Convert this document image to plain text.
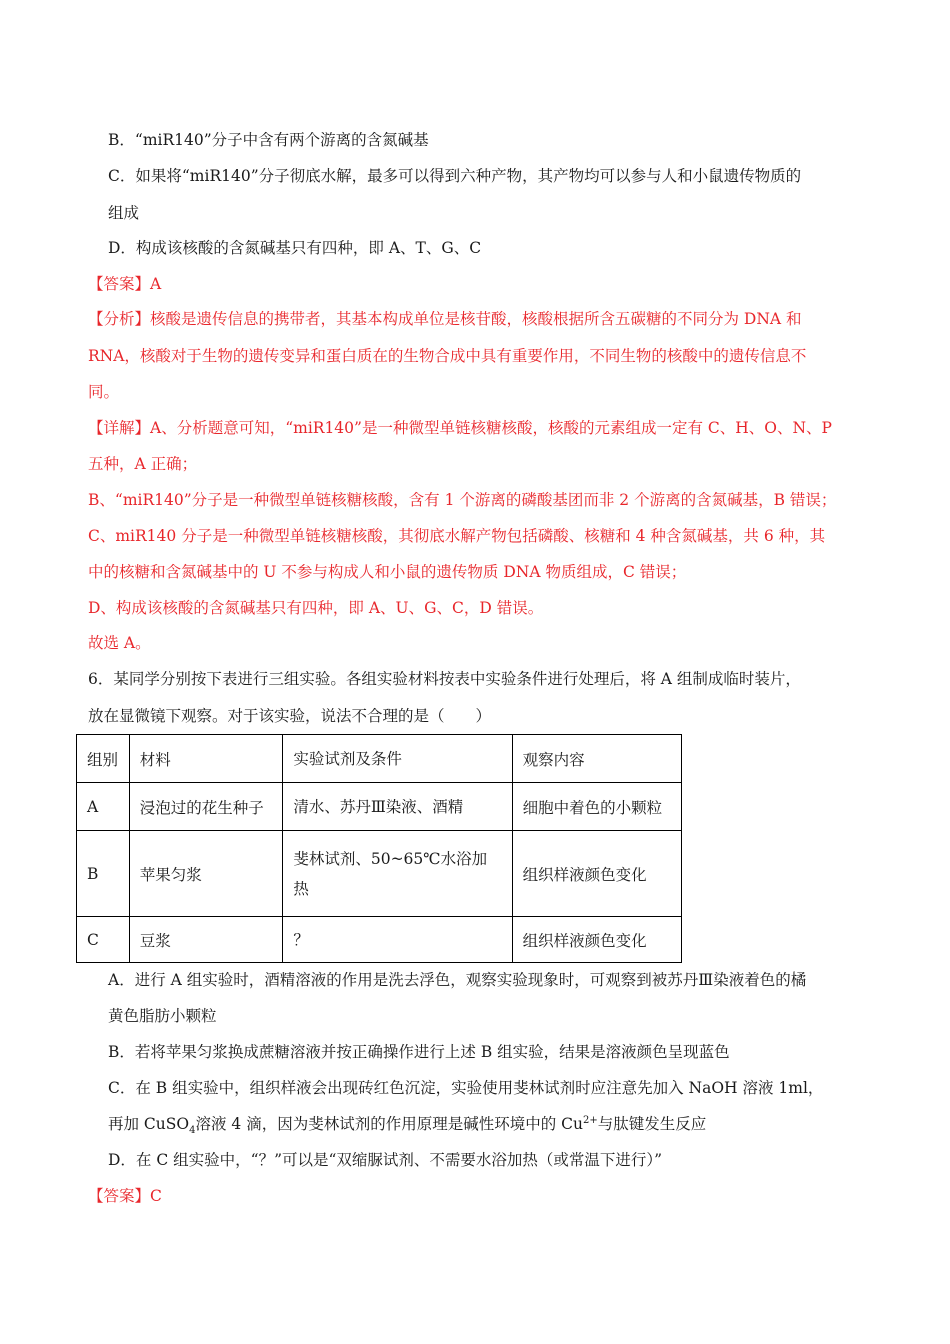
B．“miR140”分子中含有两个游离的含氮碱基
C．如果将“miR140”分子彻底水解，最多可以得到六种产物，其产物均可以参与人和小鼠遗传物质的
组成
D．构成该核酸的含氮碱基只有四种，即 A、T、G、C
【答案】A
【分析】核酸是遗传信息的携带者，其基本构成单位是核苷酸，核酸根据所含五碳糖的不同分为 DNA 和
RNA，核酸对于生物的遗传变异和蛋白质在的生物合成中具有重要作用，不同生物的核酸中的遗传信息不
同。
【详解】A、分析题意可知，“miR140”是一种微型单链核糖核酸，核酸的元素组成一定有 C、H、O、N、P
五种，A 正确；
B、“miR140”分子是一种微型单链核糖核酸，含有 1 个游离的磷酸基团而非 2 个游离的含氮碱基，B 错误；
C、miR140 分子是一种微型单链核糖核酸，其彻底水解产物包括磷酸、核糖和 4 种含氮碱基，共 6 种，其
中的核糖和含氮碱基中的 U 不参与构成人和小鼠的遗传物质 DNA 物质组成，C 错误；
D、构成该核酸的含氮碱基只有四种，即 A、U、G、C，D 错误。
故选 A。
6．某同学分别按下表进行三组实验。各组实验材料按表中实验条件进行处理后，将 A 组制成临时装片，
放在显微镜下观察。对于该实验，说法不合理的是（　　）
组别	材料	实验试剂及条件	观察内容
A	浸泡过的花生种子	清水、苏丹Ⅲ染液、酒精	细胞中着色的小颗粒
B	苹果匀浆	斐林试剂、50~65℃水浴加热	组织样液颜色变化
C	豆浆	？	组织样液颜色变化
A．进行 A 组实验时，酒精溶液的作用是洗去浮色，观察实验现象时，可观察到被苏丹Ⅲ染液着色的橘
黄色脂肪小颗粒
B．若将苹果匀浆换成蔗糖溶液并按正确操作进行上述 B 组实验，结果是溶液颜色呈现蓝色
C．在 B 组实验中，组织样液会出现砖红色沉淀，实验使用斐林试剂时应注意先加入 NaOH 溶液 1ml，
再加 CuSO$_4$溶液 4 滴，因为斐林试剂的作用原理是碱性环境中的 $Cu^{2+}$与肽键发生反应
D．在 C 组实验中，“？”可以是“双缩脲试剂、不需要水浴加热（或常温下进行）”
【答案】C
